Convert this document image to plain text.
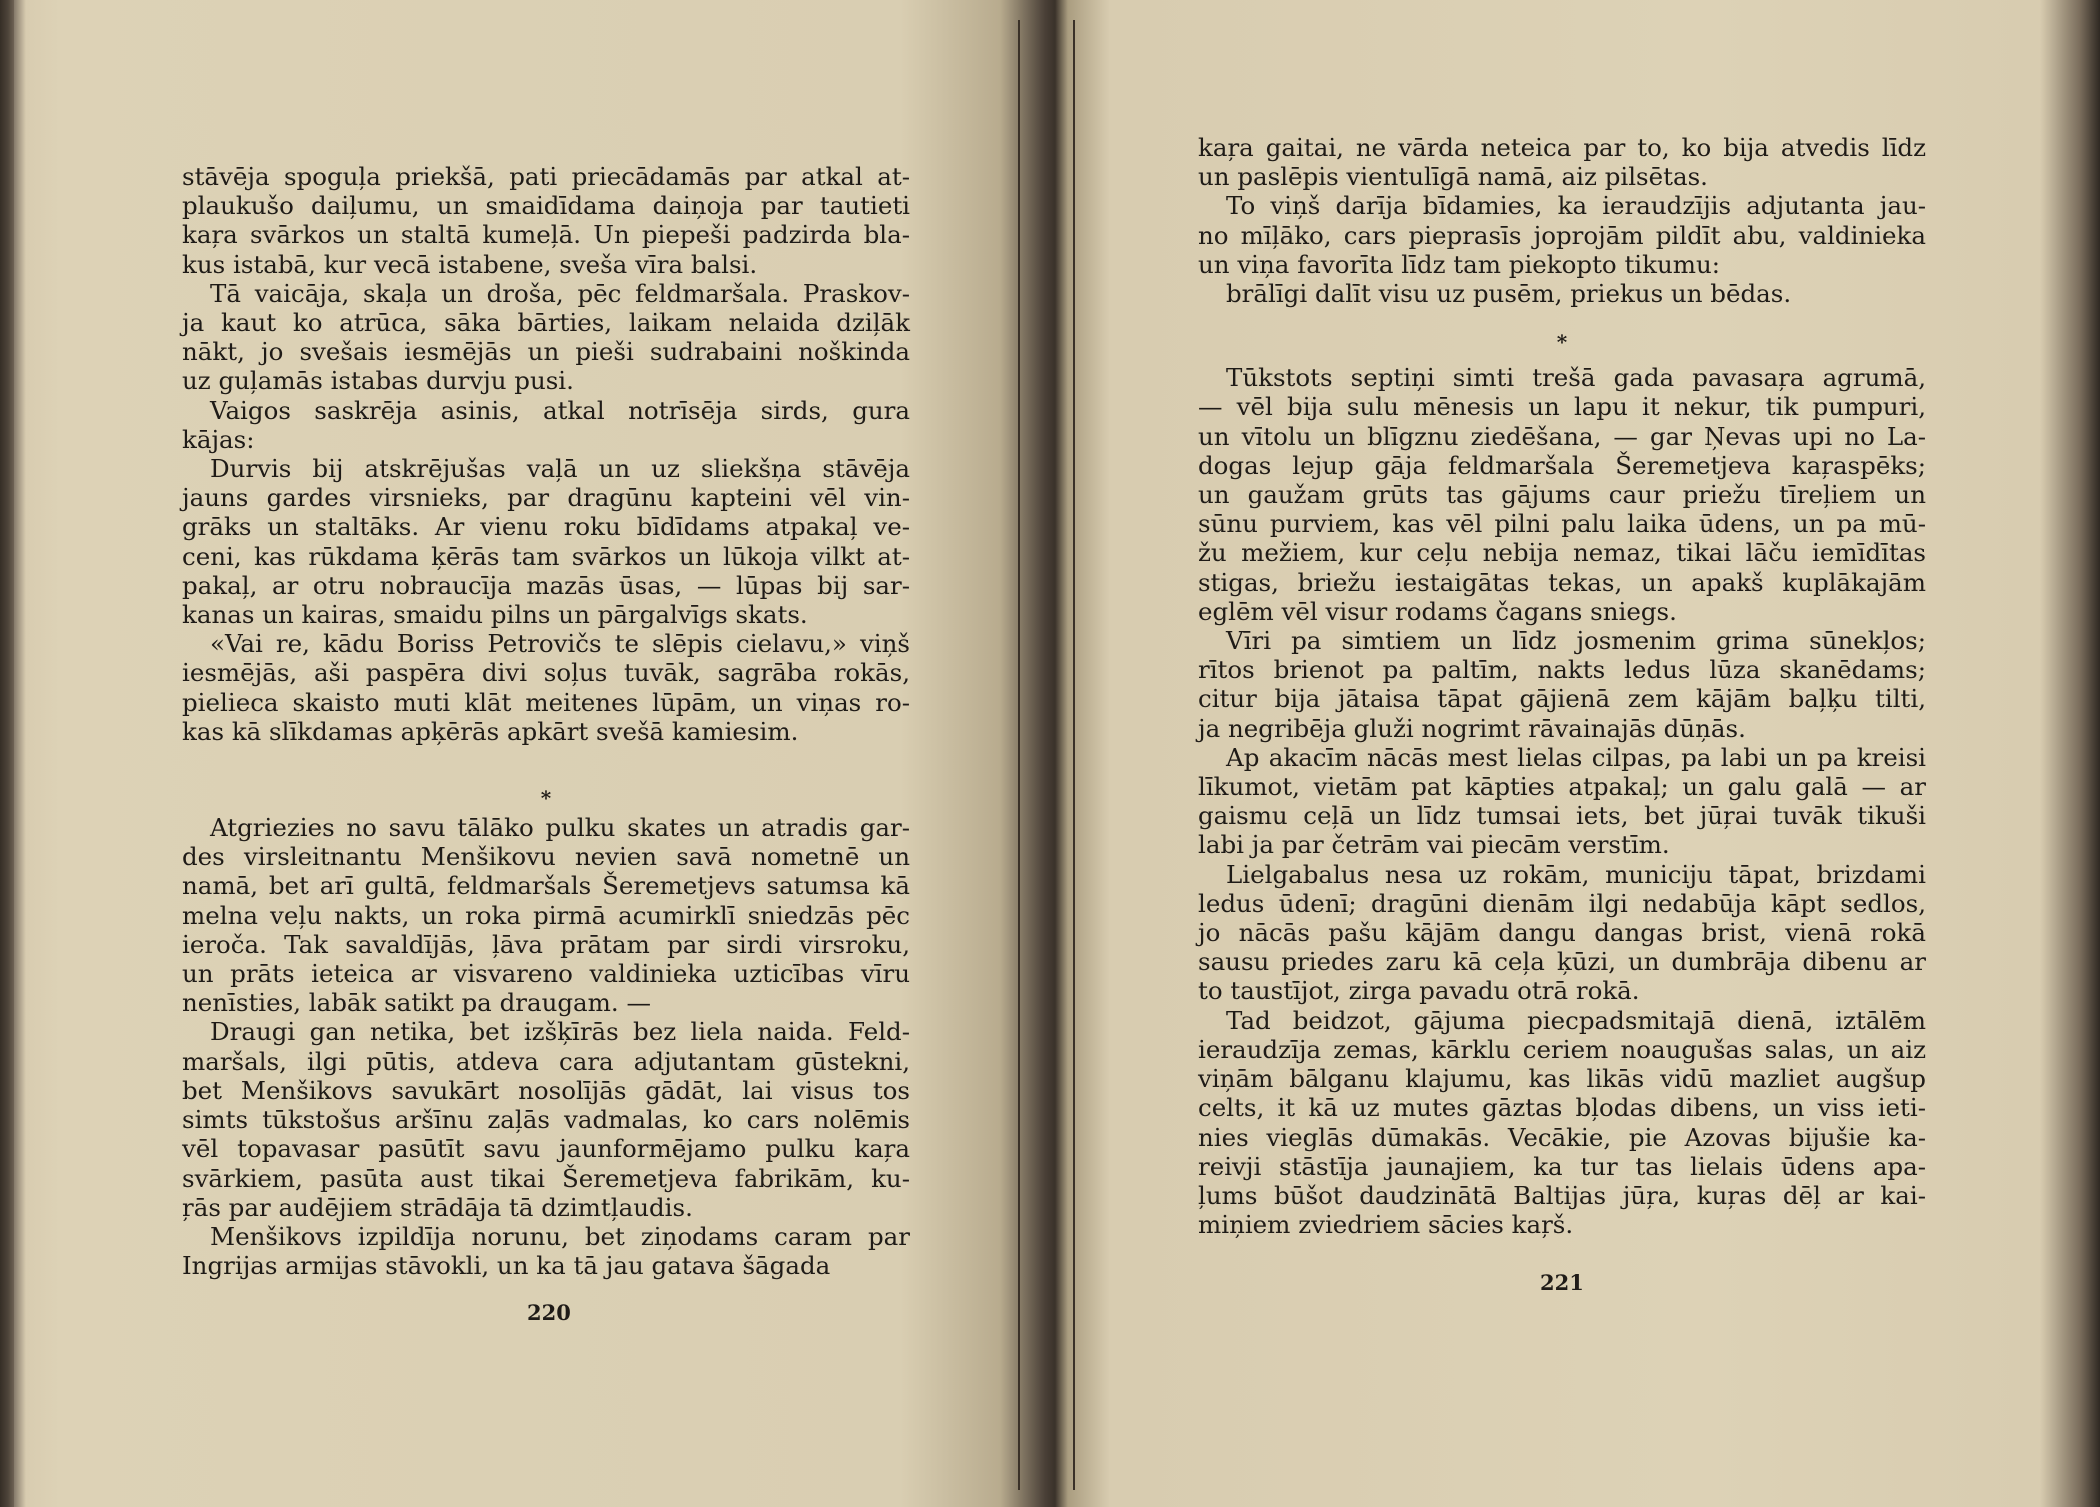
stāvēja spoguļa priekšā, pati priecādamās par atkal at-
plaukušo daiļumu, un smaidīdama daiņoja par tautieti
kaŗa svārkos un staltā kumeļā. Un piepeši padzirda bla-
kus istabā, kur vecā istabene, sveša vīra balsi.
Tā vaicāja, skaļa un droša, pēc feldmaršala. Praskov-
ja kaut ko atrūca, sāka bārties, laikam nelaida dziļāk
nākt, jo svešais iesmējās un pieši sudrabaini noškinda
uz guļamās istabas durvju pusi.
Vaigos saskrēja asinis, atkal notrīsēja sirds, gura
kājas:
Durvis bij atskrējušas vaļā un uz sliekšņa stāvēja
jauns gardes virsnieks, par dragūnu kapteini vēl vin-
grāks un staltāks. Ar vienu roku bīdīdams atpakaļ ve-
ceni, kas rūkdama ķērās tam svārkos un lūkoja vilkt at-
pakaļ, ar otru nobraucīja mazās ūsas, — lūpas bij sar-
kanas un kairas, smaidu pilns un pārgalvīgs skats.
«Vai re, kādu Boriss Petrovičs te slēpis cielavu,» viņš
iesmējās, aši paspēra divi soļus tuvāk, sagrāba rokās,
pielieca skaisto muti klāt meitenes lūpām, un viņas ro-
kas kā slīkdamas apķērās apkārt svešā kamiesim.
*
Atgriezies no savu tālāko pulku skates un atradis gar-
des virsleitnantu Menšikovu nevien savā nometnē un
namā, bet arī gultā, feldmaršals Šeremetjevs satumsa kā
melna veļu nakts, un roka pirmā acumirklī sniedzās pēc
ieroča. Tak savaldījās, ļāva prātam par sirdi virsroku,
un prāts ieteica ar visvareno valdinieka uzticības vīru
nenīsties, labāk satikt pa draugam. —
Draugi gan netika, bet izšķīrās bez liela naida. Feld-
maršals, ilgi pūtis, atdeva cara adjutantam gūstekni,
bet Menšikovs savukārt nosolījās gādāt, lai visus tos
simts tūkstošus aršīnu zaļās vadmalas, ko cars nolēmis
vēl topavasar pasūtīt savu jaunformējamo pulku kaŗa
svārkiem, pasūta aust tikai Šeremetjeva fabrikām, ku-
ŗās par audējiem strādāja tā dzimtļaudis.
Menšikovs izpildīja norunu, bet ziņodams caram par
Ingrijas armijas stāvokli, un ka tā jau gatava šāgada
220
kaŗa gaitai, ne vārda neteica par to, ko bija atvedis līdz
un paslēpis vientulīgā namā, aiz pilsētas.
To viņš darīja bīdamies, ka ieraudzījis adjutanta jau-
no mīļāko, cars pieprasīs joprojām pildīt abu, valdinieka
un viņa favorīta līdz tam piekopto tikumu:
brālīgi dalīt visu uz pusēm, priekus un bēdas.
*
Tūkstots septiņi simti trešā gada pavasaŗa agrumā,
— vēl bija sulu mēnesis un lapu it nekur, tik pumpuri,
un vītolu un blīgznu ziedēšana, — gar Ņevas upi no La-
dogas lejup gāja feldmaršala Šeremetjeva kaŗaspēks;
un gaužam grūts tas gājums caur priežu tīreļiem un
sūnu purviem, kas vēl pilni palu laika ūdens, un pa mū-
žu mežiem, kur ceļu nebija nemaz, tikai lāču iemīdītas
stigas, briežu iestaigātas tekas, un apakš kuplākajām
eglēm vēl visur rodams čagans sniegs.
Vīri pa simtiem un līdz josmenim grima sūnekļos;
rītos brienot pa paltīm, nakts ledus lūza skanēdams;
citur bija jātaisa tāpat gājienā zem kājām baļķu tilti,
ja negribēja gluži nogrimt rāvainajās dūņās.
Ap akacīm nācās mest lielas cilpas, pa labi un pa kreisi
līkumot, vietām pat kāpties atpakaļ; un galu galā — ar
gaismu ceļā un līdz tumsai iets, bet jūŗai tuvāk tikuši
labi ja par četrām vai piecām verstīm.
Lielgabalus nesa uz rokām, municiju tāpat, brizdami
ledus ūdenī; dragūni dienām ilgi nedabūja kāpt sedlos,
jo nācās pašu kājām dangu dangas brist, vienā rokā
sausu priedes zaru kā ceļa ķūzi, un dumbrāja dibenu ar
to taustījot, zirga pavadu otrā rokā.
Tad beidzot, gājuma piecpadsmitajā dienā, iztālēm
ieraudzīja zemas, kārklu ceriem noaugušas salas, un aiz
viņām bālganu klajumu, kas likās vidū mazliet augšup
celts, it kā uz mutes gāztas bļodas dibens, un viss ieti-
nies vieglās dūmakās. Vecākie, pie Azovas bijušie ka-
reivji stāstīja jaunajiem, ka tur tas lielais ūdens apa-
ļums būšot daudzinātā Baltijas jūŗa, kuŗas dēļ ar kai-
miņiem zviedriem sācies kaŗš.
221
